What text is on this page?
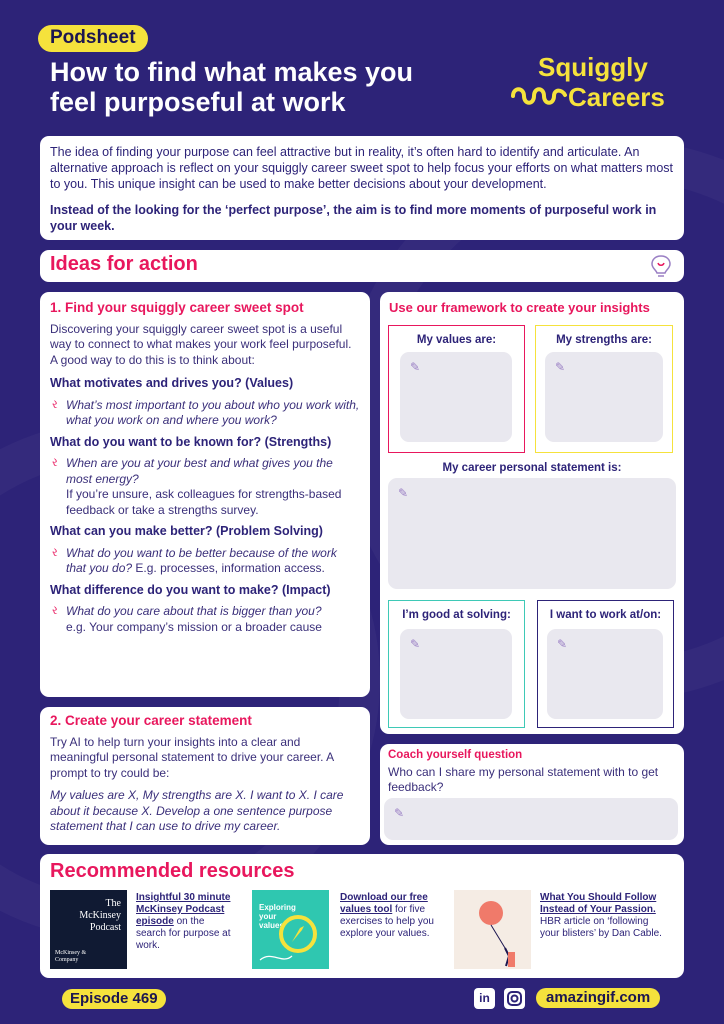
Podsheet
How to find what makes you
feel purposeful at work
Squiggly
Careers

The idea of finding your purpose can feel attractive but in reality, it’s often hard to identify and articulate. An alternative approach is reflect on your squiggly career sweet spot to help focus your efforts on what matters most to you. This unique insight can be used to make better decisions about your development.

Instead of the looking for the ‘perfect purpose’, the aim is to find more moments of purposeful work in your week.

Ideas for action
1. Find your squiggly career sweet spot
Discovering your squiggly career sweet spot is a useful way to connect to what makes your work feel purposeful. A good way to do this is to think about:
What motivates and drives you? (Values)
ર What’s most important to you about who you work with, what you work on and where you work?
What do you want to be known for? (Strengths)
ર When are you at your best and what gives you the most energy?
If you’re unsure, ask colleagues for strengths-based feedback or take a strengths survey.
What can you make better? (Problem Solving)
ર What do you want to be better because of the work that you do? E.g. processes, information access.
What difference do you want to make? (Impact)
ર What do you care about that is bigger than you?
e.g. Your company’s mission or a broader cause
2. Create your career statement
Try AI to help turn your insights into a clear and meaningful personal statement to drive your career. A prompt to try could be:
My values are X, My strengths are X. I want to X. I care about it because X. Develop a one sentence purpose statement that I can use to drive my career.
Use our framework to create your insights
My values are:
✎
My strengths are:
✎
My career personal statement is:
✎
I’m good at solving:
✎
I want to work at/on:
✎
Coach yourself question
Who can I share my personal statement with to get feedback?
✎
Recommended resources
The
McKinsey
Podcast
McKinsey & Company
Insightful 30 minute McKinsey Podcast episode on the search for purpose at work.
Exploring
your
values
Download our free values tool for five exercises to help you explore your values.
What You Should Follow Instead of Your Passion. HBR article on ‘following your blisters’ by Dan Cable.
Episode 469	in	amazingif.com
